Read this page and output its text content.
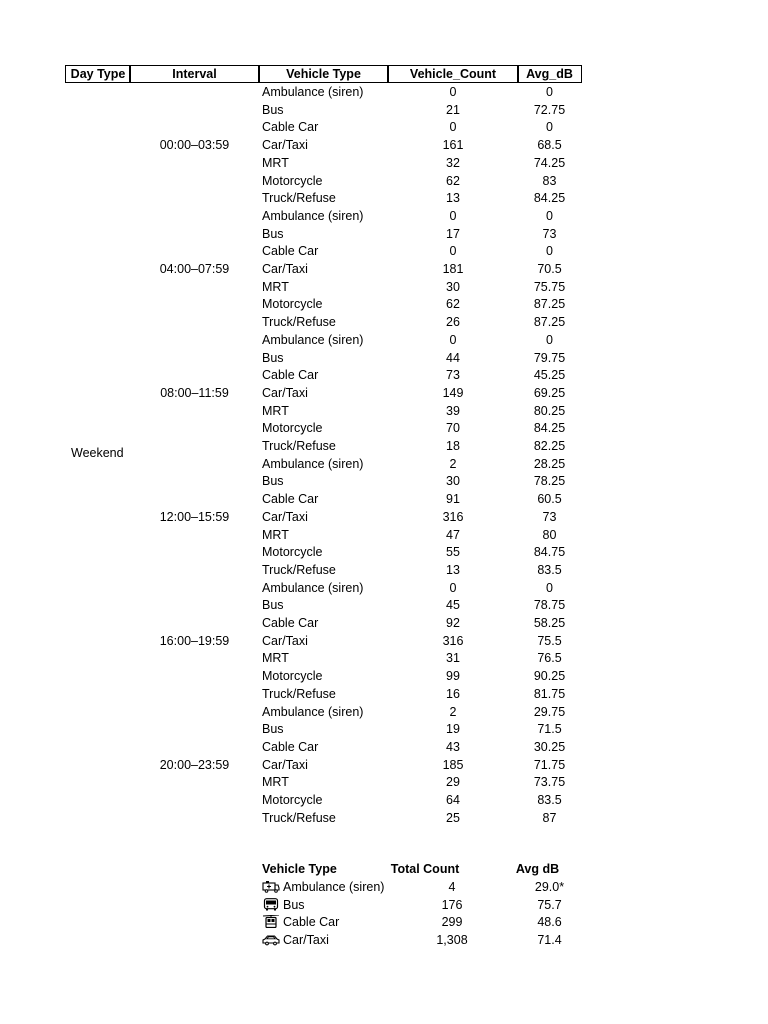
Day Type	Interval	Vehicle Type	Vehicle_Count	Avg_dB
Weekend
00:00–03:59
Ambulance (siren)	0	0
Bus	21	72.75
Cable Car	0	0
Car/Taxi	161	68.5
MRT	32	74.25
Motorcycle	62	83
Truck/Refuse	13	84.25
04:00–07:59
Ambulance (siren)	0	0
Bus	17	73
Cable Car	0	0
Car/Taxi	181	70.5
MRT	30	75.75
Motorcycle	62	87.25
Truck/Refuse	26	87.25
08:00–11:59
Ambulance (siren)	0	0
Bus	44	79.75
Cable Car	73	45.25
Car/Taxi	149	69.25
MRT	39	80.25
Motorcycle	70	84.25
Truck/Refuse	18	82.25
12:00–15:59
Ambulance (siren)	2	28.25
Bus	30	78.25
Cable Car	91	60.5
Car/Taxi	316	73
MRT	47	80
Motorcycle	55	84.75
Truck/Refuse	13	83.5
16:00–19:59
Ambulance (siren)	0	0
Bus	45	78.75
Cable Car	92	58.25
Car/Taxi	316	75.5
MRT	31	76.5
Motorcycle	99	90.25
Truck/Refuse	16	81.75
20:00–23:59
Ambulance (siren)	2	29.75
Bus	19	71.5
Cable Car	43	30.25
Car/Taxi	185	71.75
MRT	29	73.75
Motorcycle	64	83.5
Truck/Refuse	25	87
Vehicle Type	Total Count	Avg dB
Ambulance (siren)	4	29.0*
Bus	176	75.7
Cable Car	299	48.6
Car/Taxi	1,308	71.4
